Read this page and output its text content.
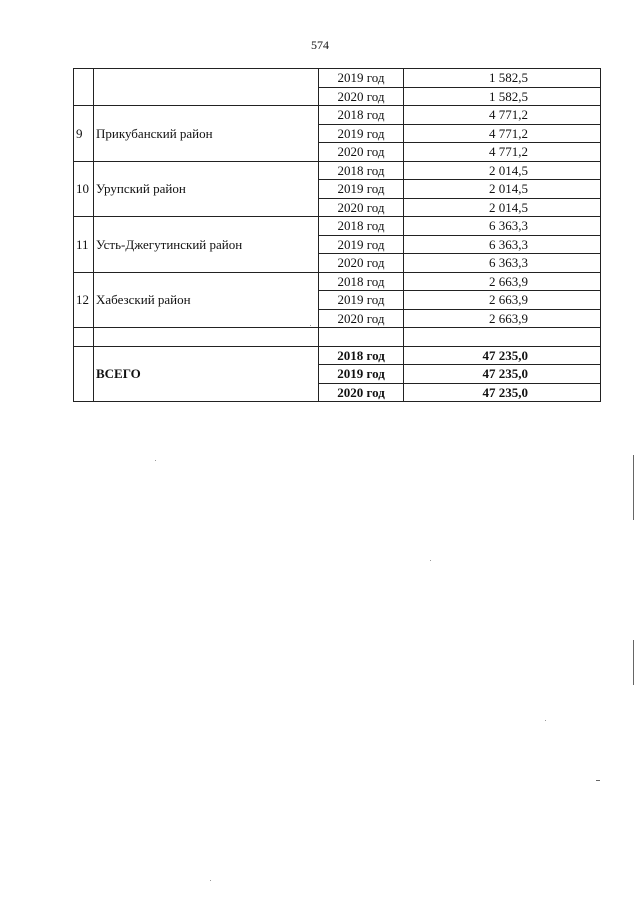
574
		2019 год	1 582,5
		2020 год	1 582,5
9	Прикубанский район	2018 год	4 771,2
		2019 год	4 771,2
		2020 год	4 771,2
10	Урупский район	2018 год	2 014,5
		2019 год	2 014,5
		2020 год	2 014,5
11	Усть-Джегутинский район	2018 год	6 363,3
		2019 год	6 363,3
		2020 год	6 363,3
12	Хабезский район	2018 год	2 663,9
		2019 год	2 663,9
		2020 год	2 663,9

	ВСЕГО	2018 год	47 235,0
		2019 год	47 235,0
		2020 год	47 235,0
